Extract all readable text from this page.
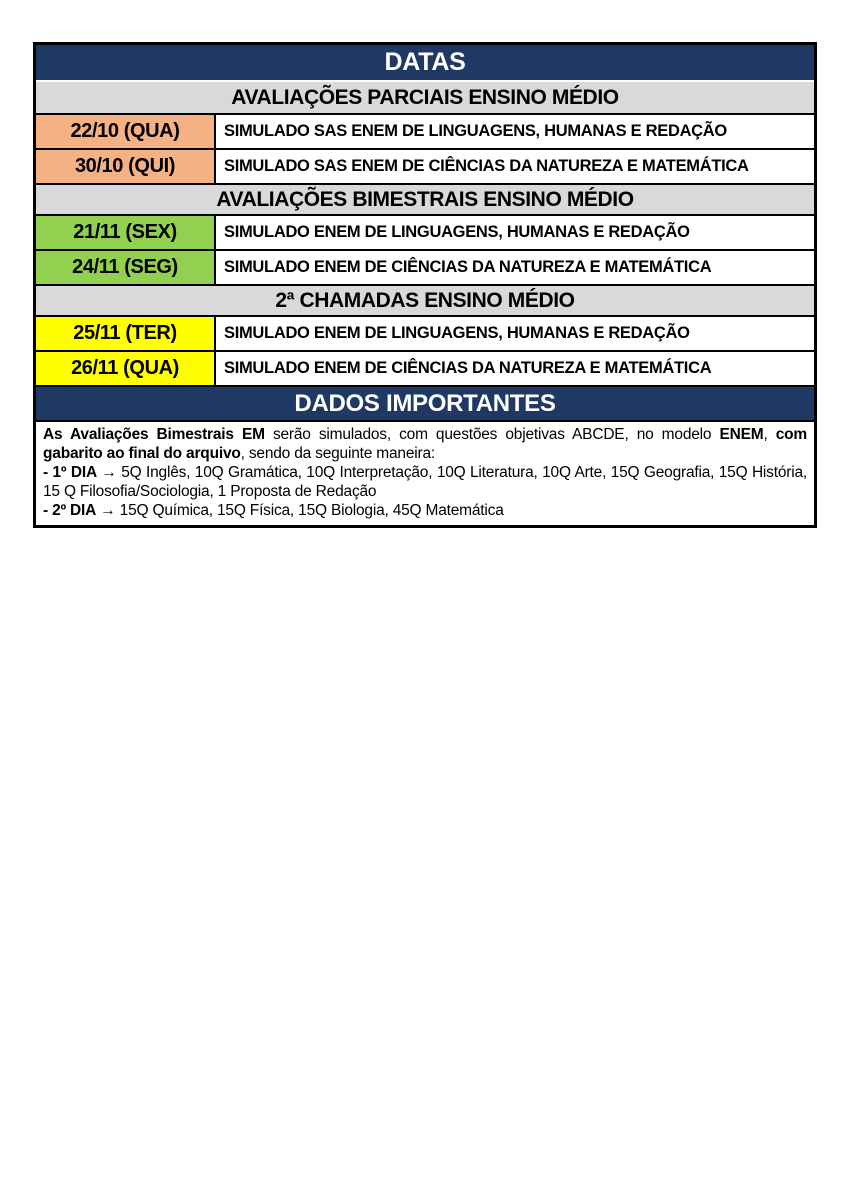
DATAS
AVALIAÇÕES PARCIAIS ENSINO MÉDIO
22/10 (QUA)	SIMULADO SAS ENEM DE LINGUAGENS, HUMANAS E REDAÇÃO
30/10 (QUI)	SIMULADO SAS ENEM DE CIÊNCIAS DA NATUREZA E MATEMÁTICA
AVALIAÇÕES BIMESTRAIS ENSINO MÉDIO
21/11 (SEX)	SIMULADO ENEM DE LINGUAGENS, HUMANAS E REDAÇÃO
24/11 (SEG)	SIMULADO ENEM DE CIÊNCIAS DA NATUREZA E MATEMÁTICA
2ª CHAMADAS ENSINO MÉDIO
25/11 (TER)	SIMULADO ENEM DE LINGUAGENS, HUMANAS E REDAÇÃO
26/11 (QUA)	SIMULADO ENEM DE CIÊNCIAS DA NATUREZA E MATEMÁTICA
DADOS IMPORTANTES

As Avaliações Bimestrais EM serão simulados, com questões objetivas ABCDE, no modelo ENEM, com gabarito ao final do arquivo, sendo da seguinte maneira:

- 1º DIA → 5Q Inglês, 10Q Gramática, 10Q Interpretação, 10Q Literatura, 10Q Arte, 15Q Geografia, 15Q História, 15 Q Filosofia/Sociologia, 1 Proposta de Redação

- 2º DIA → 15Q Química, 15Q Física, 15Q Biologia, 45Q Matemática
